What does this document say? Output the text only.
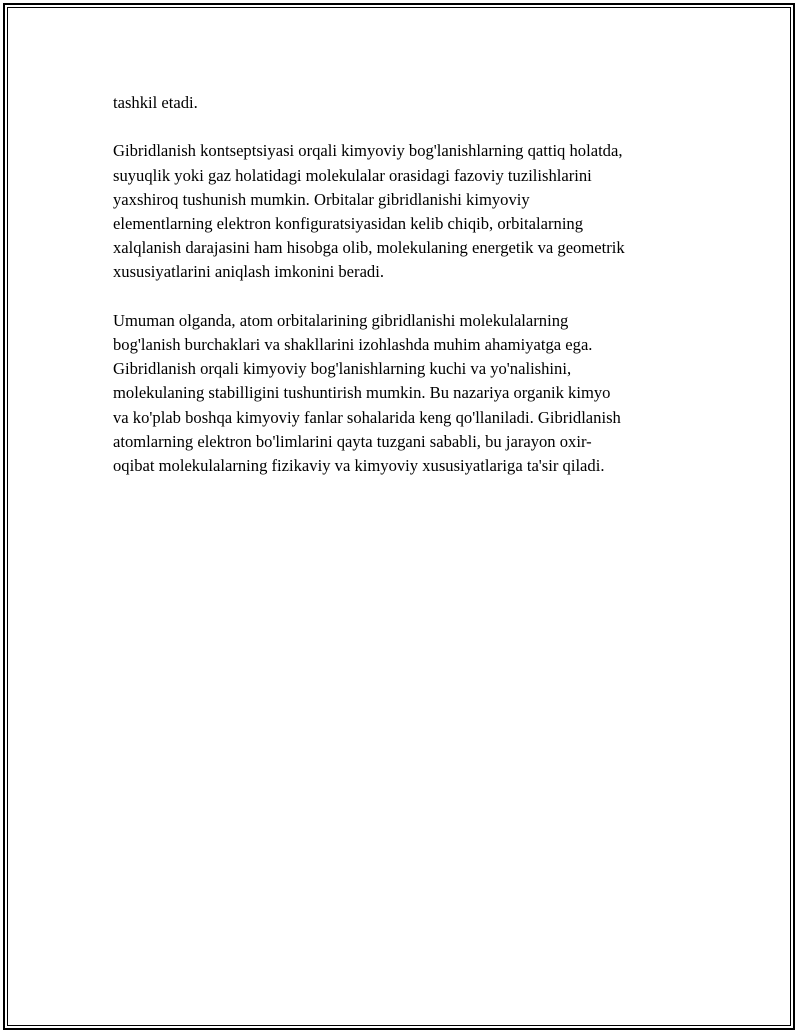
tashkil etadi.

Gibridlanish kontseptsiyasi orqali kimyoviy bog'lanishlarning qattiq holatda,
suyuqlik yoki gaz holatidagi molekulalar orasidagi fazoviy tuzilishlarini
yaxshiroq tushunish mumkin. Orbitalar gibridlanishi kimyoviy
elementlarning elektron konfiguratsiyasidan kelib chiqib, orbitalarning
xalqlanish darajasini ham hisobga olib, molekulaning energetik va geometrik
xususiyatlarini aniqlash imkonini beradi.

Umuman olganda, atom orbitalarining gibridlanishi molekulalarning
bog'lanish burchaklari va shakllarini izohlashda muhim ahamiyatga ega.
Gibridlanish orqali kimyoviy bog'lanishlarning kuchi va yo'nalishini,
molekulaning stabilligini tushuntirish mumkin. Bu nazariya organik kimyo
va ko'plab boshqa kimyoviy fanlar sohalarida keng qo'llaniladi. Gibridlanish
atomlarning elektron bo'limlarini qayta tuzgani sababli, bu jarayon oxir-
oqibat molekulalarning fizikaviy va kimyoviy xususiyatlariga ta'sir qiladi.
